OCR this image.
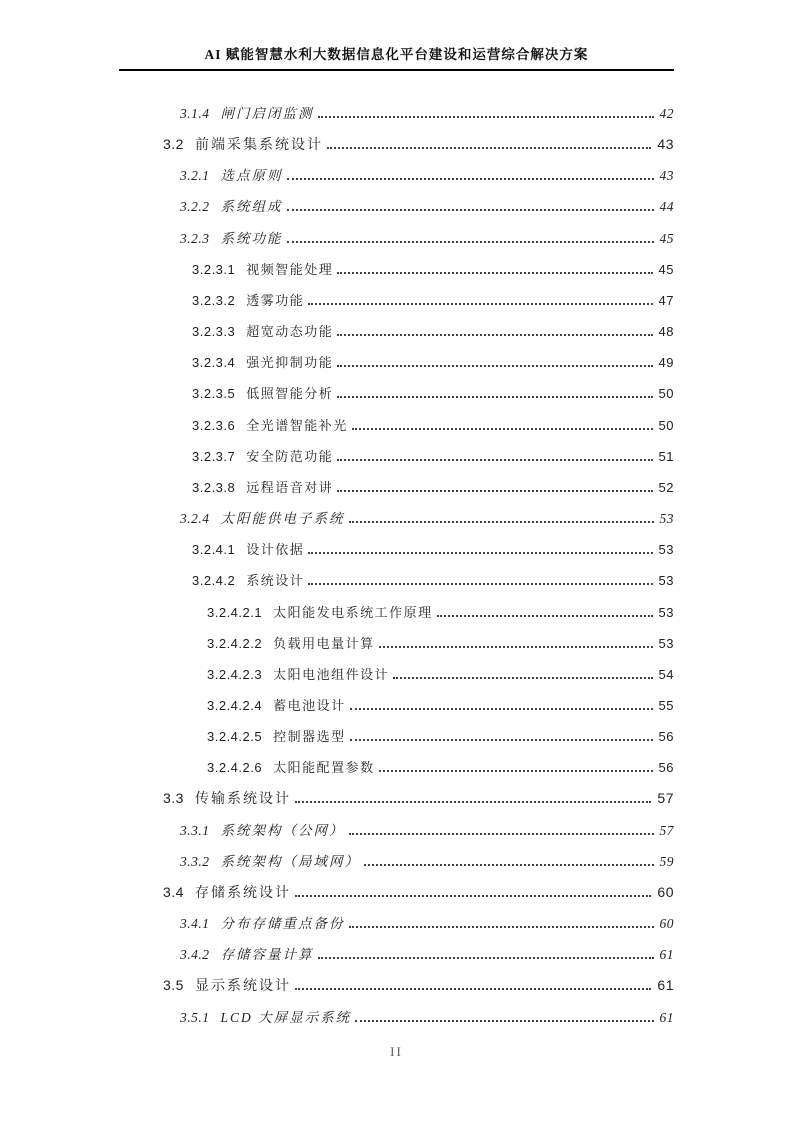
AI 赋能智慧水利大数据信息化平台建设和运营综合解决方案
3.1.4 闸门启闭监测	42
3.2 前端采集系统设计	43
3.2.1 选点原则	43
3.2.2 系统组成	44
3.2.3 系统功能	45
3.2.3.1 视频智能处理	45
3.2.3.2 透雾功能	47
3.2.3.3 超宽动态功能	48
3.2.3.4 强光抑制功能	49
3.2.3.5 低照智能分析	50
3.2.3.6 全光谱智能补光	50
3.2.3.7 安全防范功能	51
3.2.3.8 远程语音对讲	52
3.2.4 太阳能供电子系统	53
3.2.4.1 设计依据	53
3.2.4.2 系统设计	53
3.2.4.2.1 太阳能发电系统工作原理	53
3.2.4.2.2 负载用电量计算	53
3.2.4.2.3 太阳电池组件设计	54
3.2.4.2.4 蓄电池设计	55
3.2.4.2.5 控制器选型	56
3.2.4.2.6 太阳能配置参数	56
3.3 传输系统设计	57
3.3.1 系统架构（公网）	57
3.3.2 系统架构（局域网）	59
3.4 存储系统设计	60
3.4.1 分布存储重点备份	60
3.4.2 存储容量计算	61
3.5 显示系统设计	61
3.5.1 LCD 大屏显示系统	61
II
